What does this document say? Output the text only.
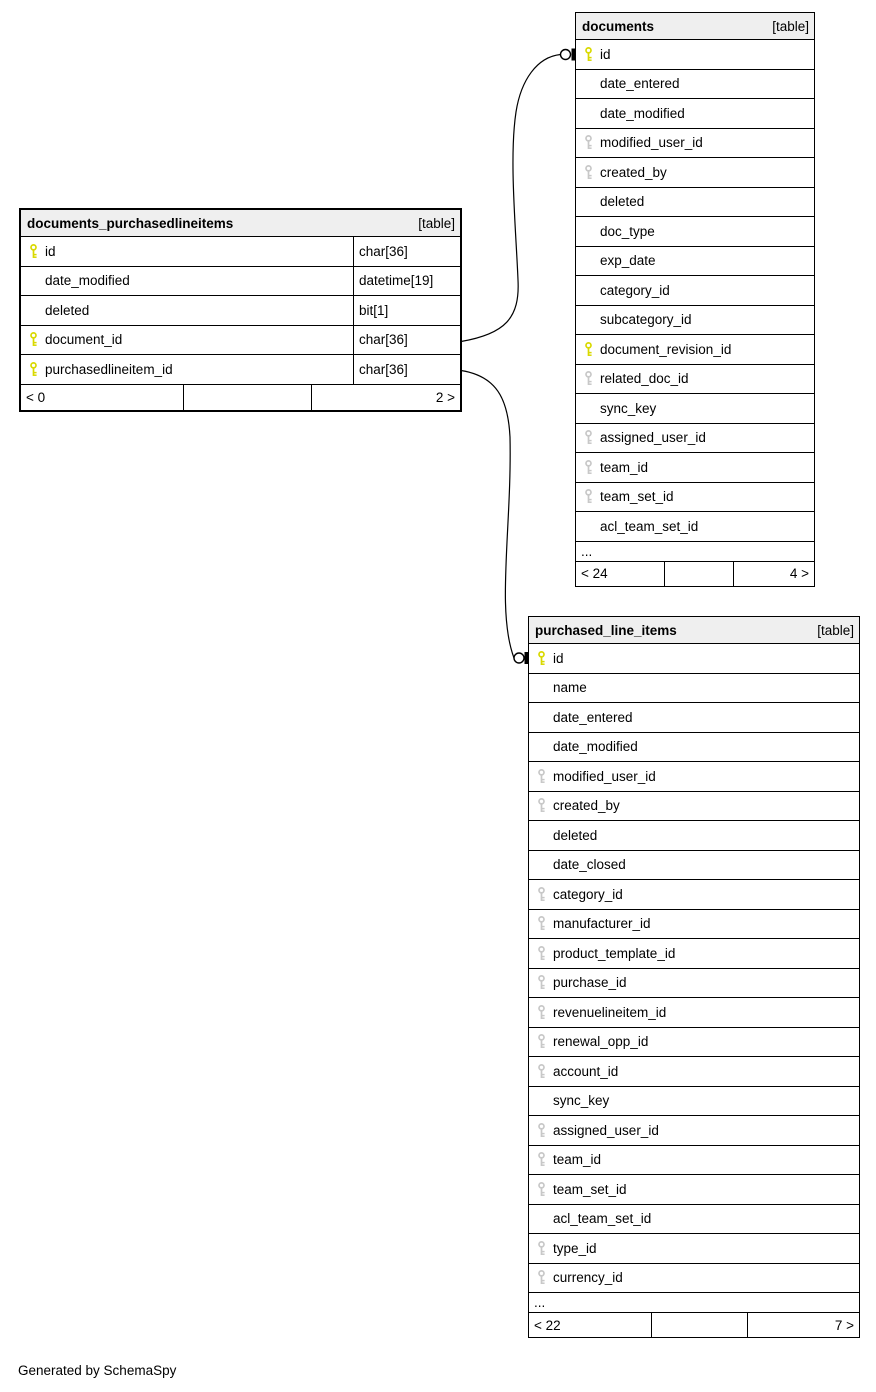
documents_purchasedlineitems	[table]
id	char[36]
date_modified	datetime[19]
deleted	bit[1]
document_id	char[36]
purchasedlineitem_id	char[36]
< 0	2 >
documents	[table]
id
date_entered
date_modified
modified_user_id
created_by
deleted
doc_type
exp_date
category_id
subcategory_id
document_revision_id
related_doc_id
sync_key
assigned_user_id
team_id
team_set_id
acl_team_set_id
...
< 24	4 >
purchased_line_items	[table]
id
name
date_entered
date_modified
modified_user_id
created_by
deleted
date_closed
category_id
manufacturer_id
product_template_id
purchase_id
revenuelineitem_id
renewal_opp_id
account_id
sync_key
assigned_user_id
team_id
team_set_id
acl_team_set_id
type_id
currency_id
...
< 22	7 >
Generated by SchemaSpy
